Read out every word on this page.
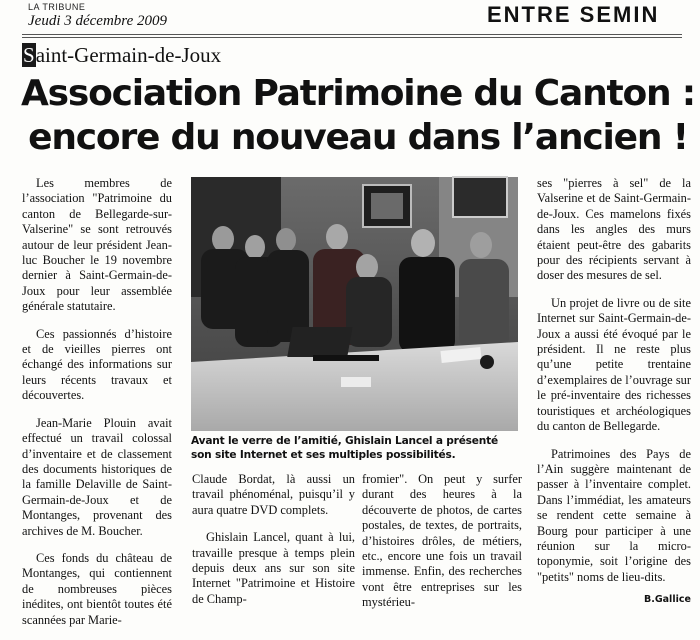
LA TRIBUNE
Jeudi 3 décembre 2009	ENTRE SEMIN
Saint-Germain-de-Joux
Association Patrimoine du Canton :
encore du nouveau dans l’ancien !

Les membres de l’association "Patrimoine du canton de Bellegarde-sur-Valserine" se sont retrouvés autour de leur président Jean-luc Boucher le 19 novembre dernier à Saint-Germain-de-Joux pour leur assemblée générale statutaire.

Ces passionnés d’histoire et de vieilles pierres ont échangé des informations sur leurs récents travaux et découvertes.

Jean-Marie Plouin avait effectué un travail colossal d’inventaire et de classement des documents historiques de la famille Delaville de Saint-Germain-de-Joux et de Montanges, provenant des archives de M. Boucher.

Ces fonds du château de Montanges, qui contiennent de nombreuses pièces inédites, ont bientôt toutes été scannées par Marie-

Avant le verre de l’amitié, Ghislain Lancel a présenté son site Internet et ses multiples possibilités.

Claude Bordat, là aussi un travail phénoménal, puisqu’il y aura quatre DVD complets.

Ghislain Lancel, quant à lui, travaille presque à temps plein depuis deux ans sur son site Internet "Patrimoine et Histoire de Champ-

fromier". On peut y surfer durant des heures à la découverte de photos, de cartes postales, de textes, de portraits, d’histoires drôles, de métiers, etc., encore une fois un travail immense. Enfin, des recherches vont être entreprises sur les mystérieu-

ses "pierres à sel" de la Valserine et de Saint-Germain-de-Joux. Ces mamelons fixés dans les angles des murs étaient peut-être des gabarits pour des récipients servant à doser des mesures de sel.

Un projet de livre ou de site Internet sur Saint-Germain-de-Joux a aussi été évoqué par le président. Il ne reste plus qu’une petite trentaine d’exemplaires de l’ouvrage sur le pré-inventaire des richesses touristiques et archéologiques du canton de Bellegarde.

Patrimoines des Pays de l’Ain suggère maintenant de passer à l’inventaire complet. Dans l’immédiat, les amateurs se rendent cette semaine à Bourg pour participer à une réunion sur la micro-toponymie, soit l’origine des "petits" noms de lieu-dits.

B.Gallice
